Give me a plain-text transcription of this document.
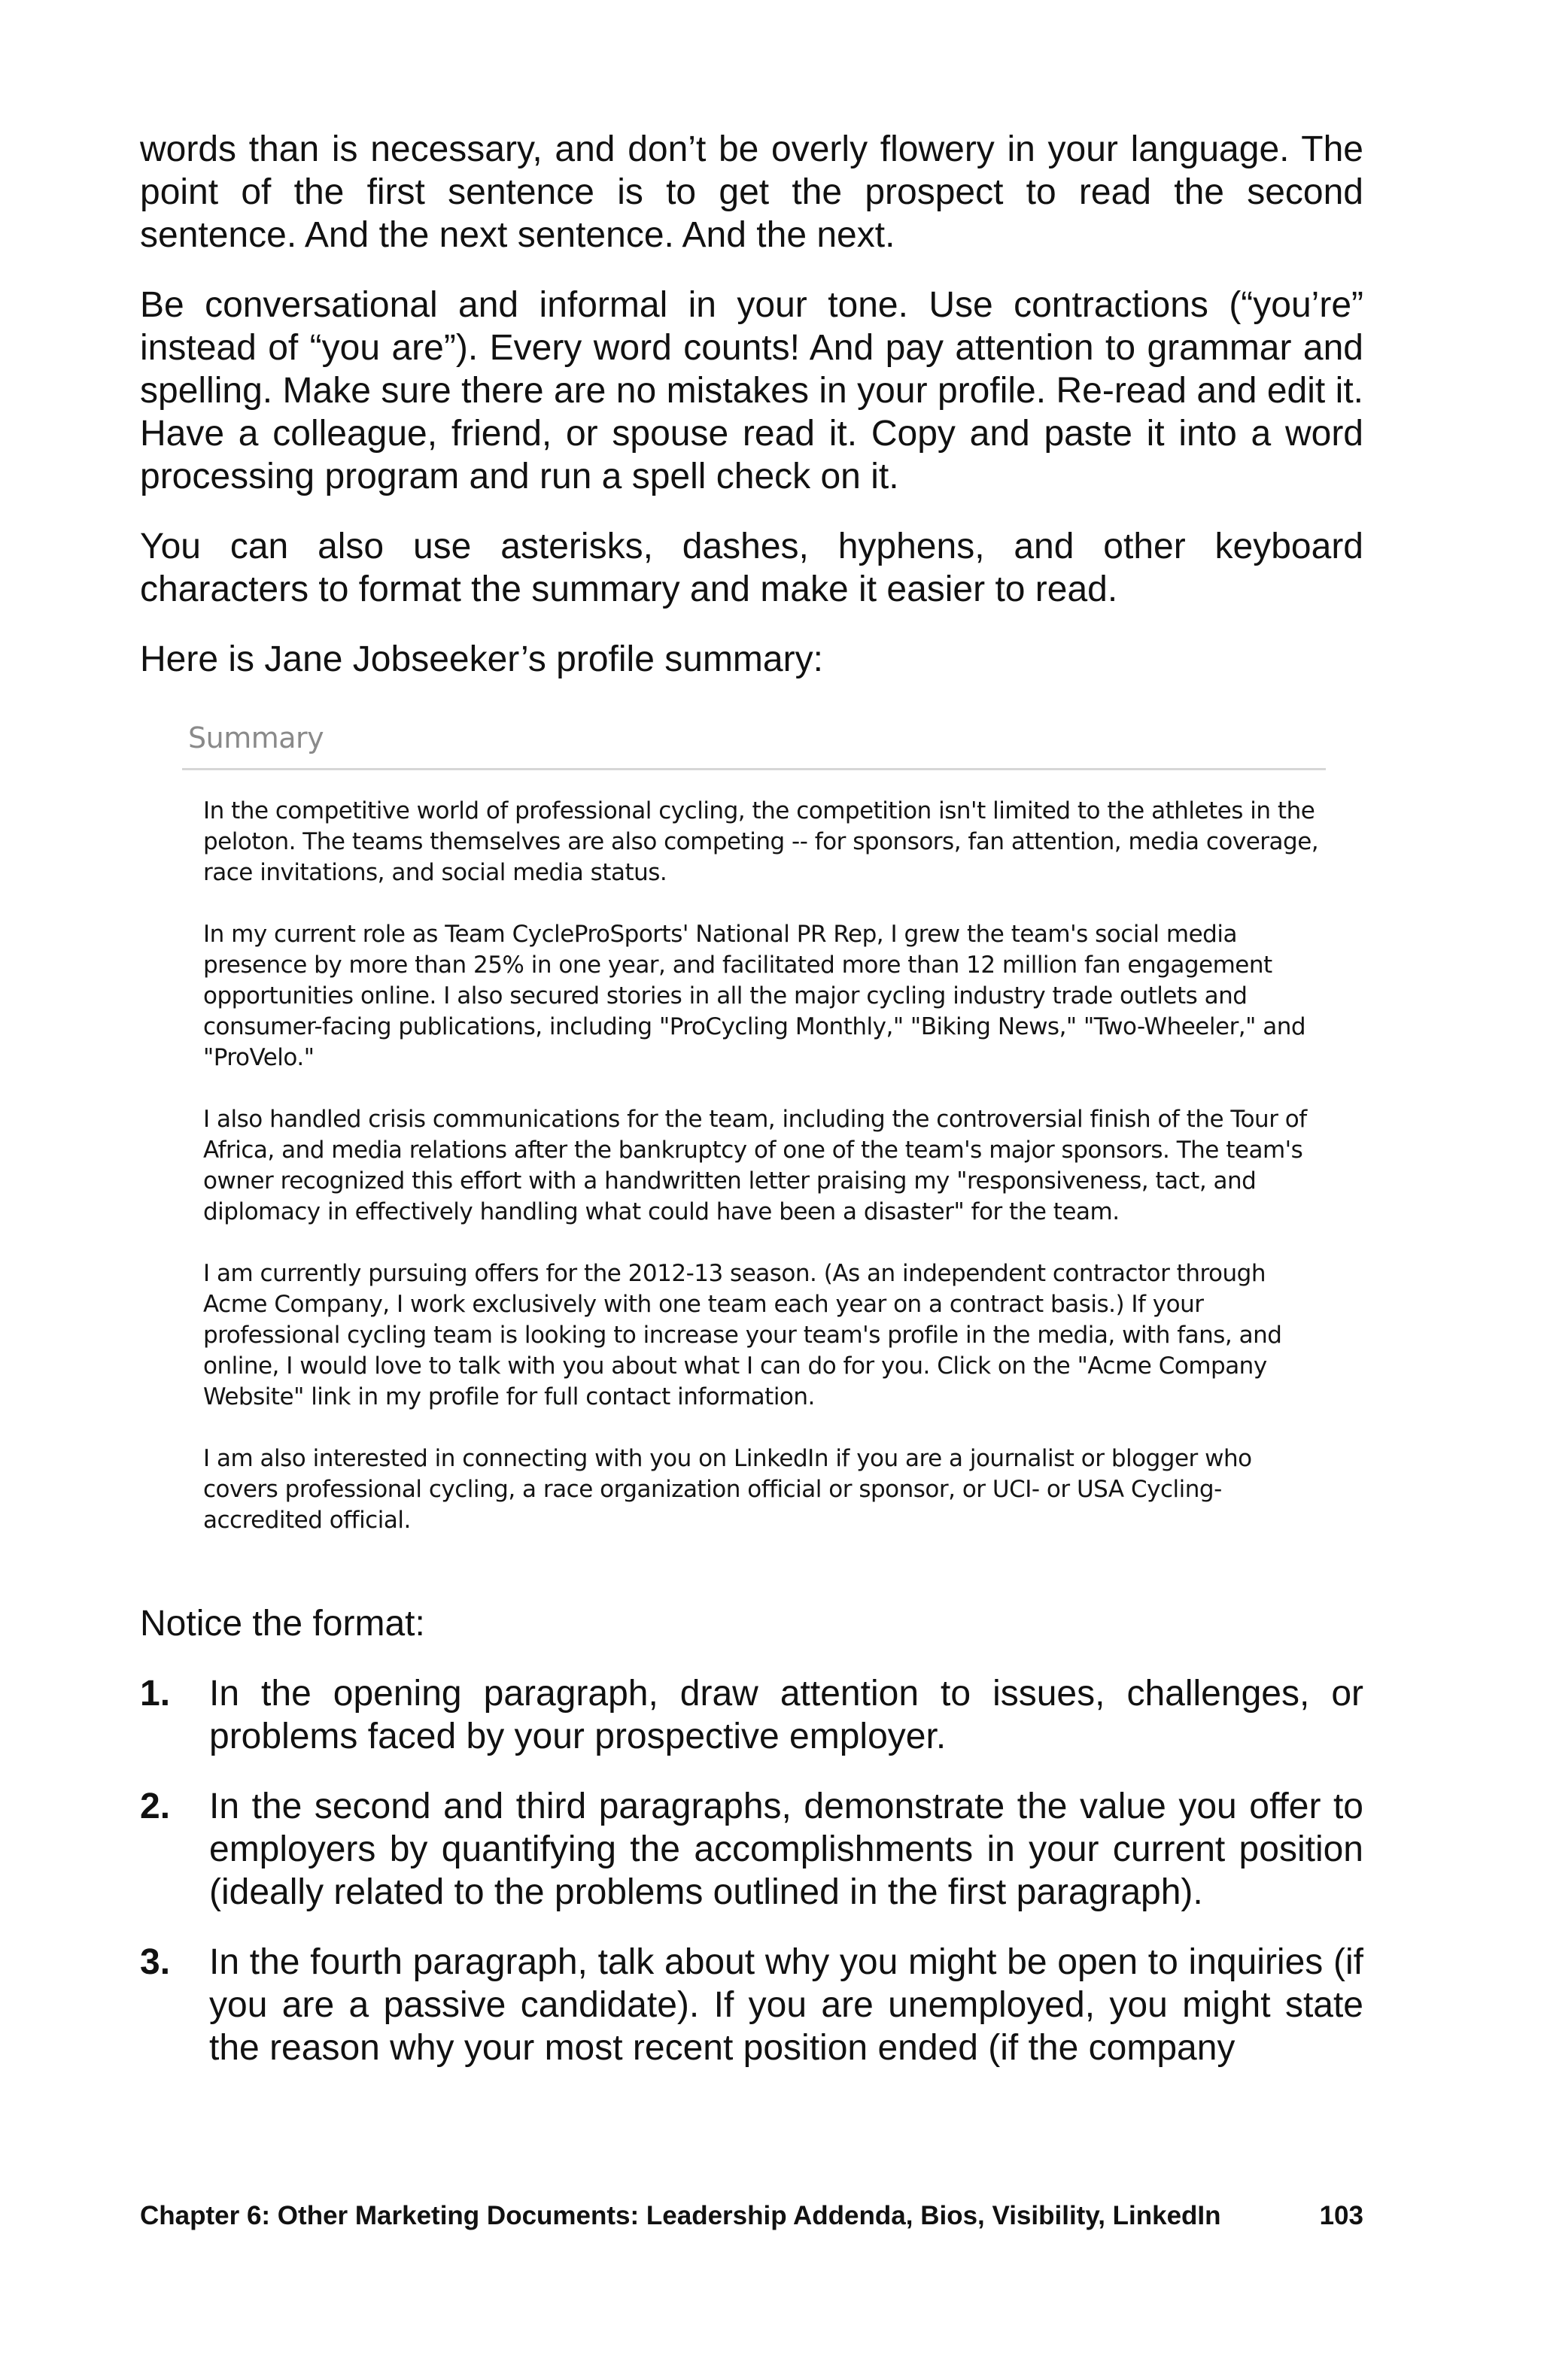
words than is necessary, and don’t be overly flowery in your language. The point of the first sentence is to get the prospect to read the second sentence. And the next sentence. And the next.

Be conversational and informal in your tone. Use contractions (“you’re” instead of “you are”). Every word counts! And pay attention to grammar and spelling. Make sure there are no mistakes in your profile. Re-read and edit it. Have a colleague, friend, or spouse read it. Copy and paste it into a word processing program and run a spell check on it.

You can also use asterisks, dashes, hyphens, and other keyboard characters to format the summary and make it easier to read.

Here is Jane Jobseeker’s profile summary:

Summary

In the competitive world of professional cycling, the competition isn't limited to the athletes in the peloton. The teams themselves are also competing -- for sponsors, fan attention, media coverage, race invitations, and social media status.

In my current role as Team CycleProSports' National PR Rep, I grew the team's social media presence by more than 25% in one year, and facilitated more than 12 million fan engagement opportunities online. I also secured stories in all the major cycling industry trade outlets and consumer-facing publications, including "ProCycling Monthly," "Biking News," "Two-Wheeler," and "ProVelo."

I also handled crisis communications for the team, including the controversial finish of the Tour of Africa, and media relations after the bankruptcy of one of the team's major sponsors. The team's owner recognized this effort with a handwritten letter praising my "responsiveness, tact, and diplomacy in effectively handling what could have been a disaster" for the team.

I am currently pursuing offers for the 2012-13 season. (As an independent contractor through Acme Company, I work exclusively with one team each year on a contract basis.) If your professional cycling team is looking to increase your team's profile in the media, with fans, and online, I would love to talk with you about what I can do for you. Click on the "Acme Company Website" link in my profile for full contact information.

I am also interested in connecting with you on LinkedIn if you are a journalist or blogger who covers professional cycling, a race organization official or sponsor, or UCI- or USA Cycling-accredited official.

Notice the format:

1.	In the opening paragraph, draw attention to issues, challenges, or problems faced by your prospective employer.
2.	In the second and third paragraphs, demonstrate the value you offer to employers by quantifying the accomplishments in your current position (ideally related to the problems outlined in the first paragraph).
3.	In the fourth paragraph, talk about why you might be open to inquiries (if you are a passive candidate). If you are unemployed, you might state the reason why your most recent position ended (if the company
Chapter 6: Other Marketing Documents: Leadership Addenda, Bios, Visibility, LinkedIn	103
